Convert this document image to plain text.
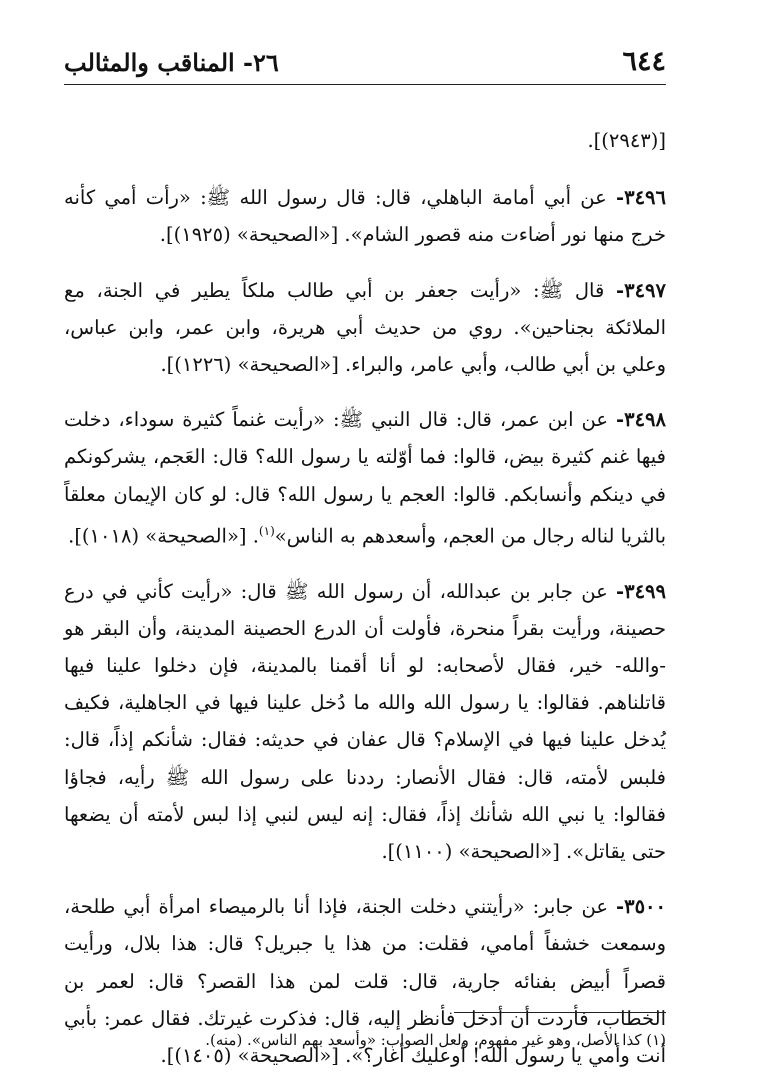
٦٤٤
٢٦- المناقب والمثالب

[(٢٩٤٣)].

٣٤٩٦- عن أبي أمامة الباهلي، قال: قال رسول الله ﷺ: «رأت أمي كأنه خرج منها نور أضاءت منه قصور الشام». [«الصحيحة» (١٩٢٥)].

٣٤٩٧- قال ﷺ: «رأيت جعفر بن أبي طالب ملكاً يطير في الجنة، مع الملائكة بجناحين». روي من حديث أبي هريرة، وابن عمر، وابن عباس، وعلي بن أبي طالب، وأبي عامر، والبراء. [«الصحيحة» (١٢٢٦)].

٣٤٩٨- عن ابن عمر، قال: قال النبي ﷺ: «رأيت غنماً كثيرة سوداء، دخلت فيها غنم كثيرة بيض، قالوا: فما أوّلته يا رسول الله؟ قال: العَجم، يشركونكم في دينكم وأنسابكم. قالوا: العجم يا رسول الله؟ قال: لو كان الإيمان معلقاً بالثريا لناله رجال من العجم، وأسعدهم به الناس»$^{(١)}$. [«الصحيحة» (١٠١٨)].

٣٤٩٩- عن جابر بن عبدالله، أن رسول الله ﷺ قال: «رأيت كأني في درع حصينة، ورأيت بقراً منحرة، فأولت أن الدرع الحصينة المدينة، وأن البقر هو -والله- خير، فقال لأصحابه: لو أنا أقمنا بالمدينة، فإن دخلوا علينا فيها قاتلناهم. فقالوا: يا رسول الله والله ما دُخل علينا فيها في الجاهلية، فكيف يُدخل علينا فيها في الإسلام؟ قال عفان في حديثه: فقال: شأنكم إذاً، قال: فلبس لأمته، قال: فقال الأنصار: رددنا على رسول الله ﷺ رأيه، فجاؤا فقالوا: يا نبي الله شأنك إذاً، فقال: إنه ليس لنبي إذا لبس لأمته أن يضعها حتى يقاتل». [«الصحيحة» (١١٠٠)].

٣٥٠٠- عن جابر: «رأيتني دخلت الجنة، فإذا أنا بالرميصاء امرأة أبي طلحة، وسمعت خشفاً أمامي، فقلت: من هذا يا جبريل؟ قال: هذا بلال، ورأيت قصراً أبيض بفنائه جارية، قال: قلت لمن هذا القصر؟ قال: لعمر بن الخطاب، فأردت أن أدخل فأنظر إليه، قال: فذكرت غيرتك. فقال عمر: بأبي أنت وأمي يا رسول الله! أوعليك أغار؟». [«الصحيحة» (١٤٠٥)].

(١) كذا الأصل، وهو غير مفهوم، ولعل الصواب: «وأسعد بهم الناس». (منه).
